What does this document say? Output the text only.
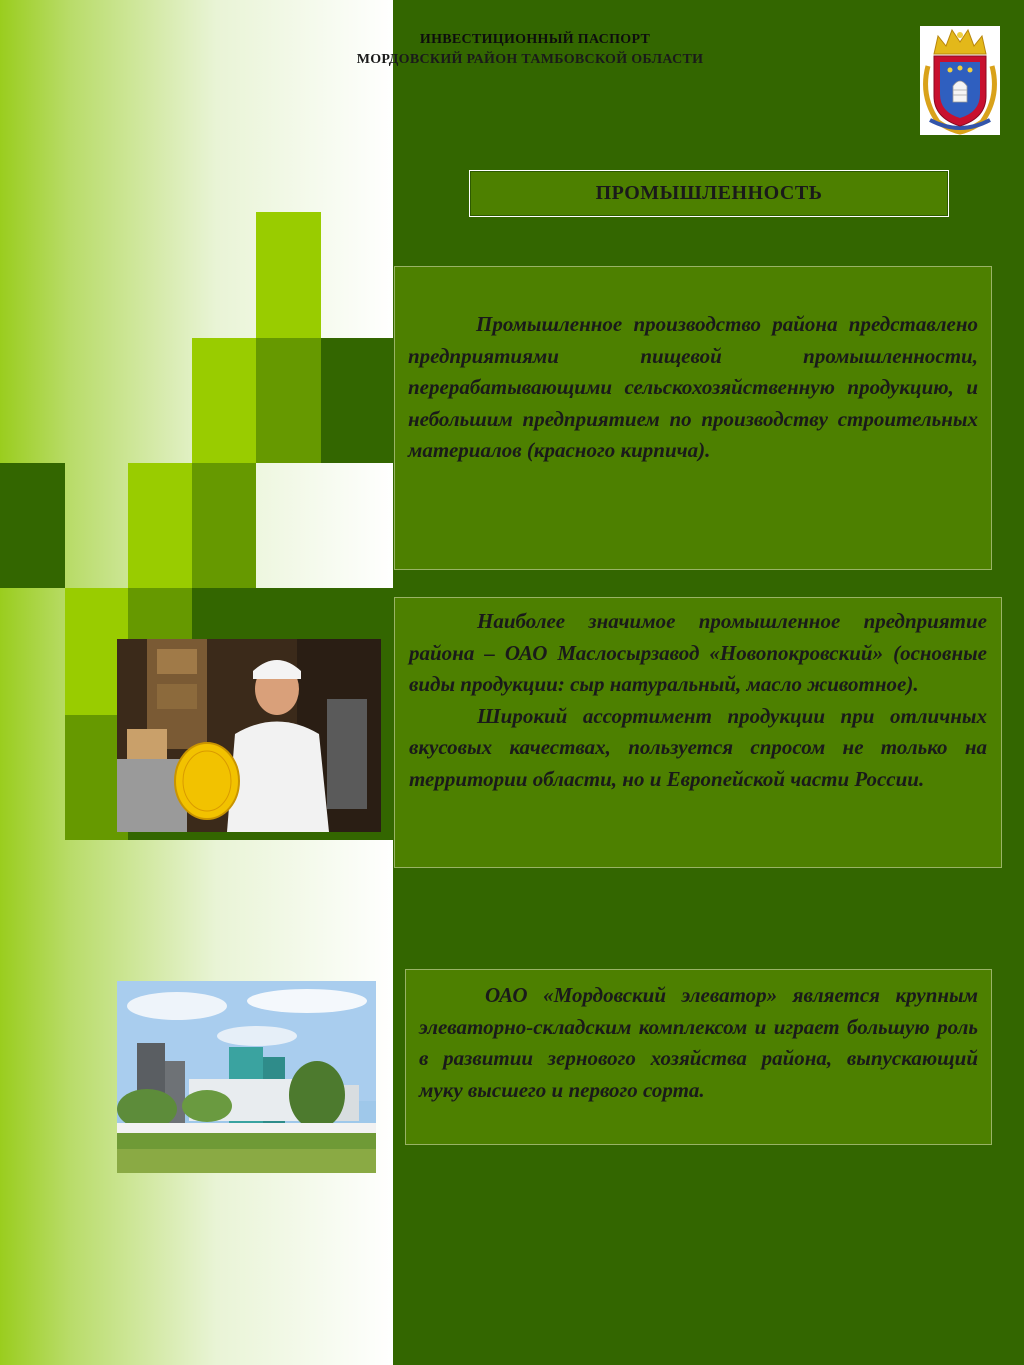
ИНВЕСТИЦИОННЫЙ ПАСПОРТ
МОРДОВСКИЙ РАЙОН ТАМБОВСКОЙ ОБЛАСТИ
ПРОМЫШЛЕННОСТЬ

Промышленное производство района представлено предприятиями пищевой промышленности, перерабатывающими сельскохозяйственную продукцию, и небольшим предприятием по производству строительных материалов (красного кирпича).

Наиболее значимое промышленное предприятие района – ОАО Маслосырзавод «Новопокровский» (основные виды продукции: сыр натуральный, масло животное).

Широкий ассортимент продукции при отличных вкусовых качествах, пользуется спросом не только на территории области, но и Европейской части России.

ОАО «Мордовский элеватор» является крупным элеваторно-складским комплексом и играет большую роль в развитии зернового хозяйства района, выпускающий муку высшего и первого сорта.
